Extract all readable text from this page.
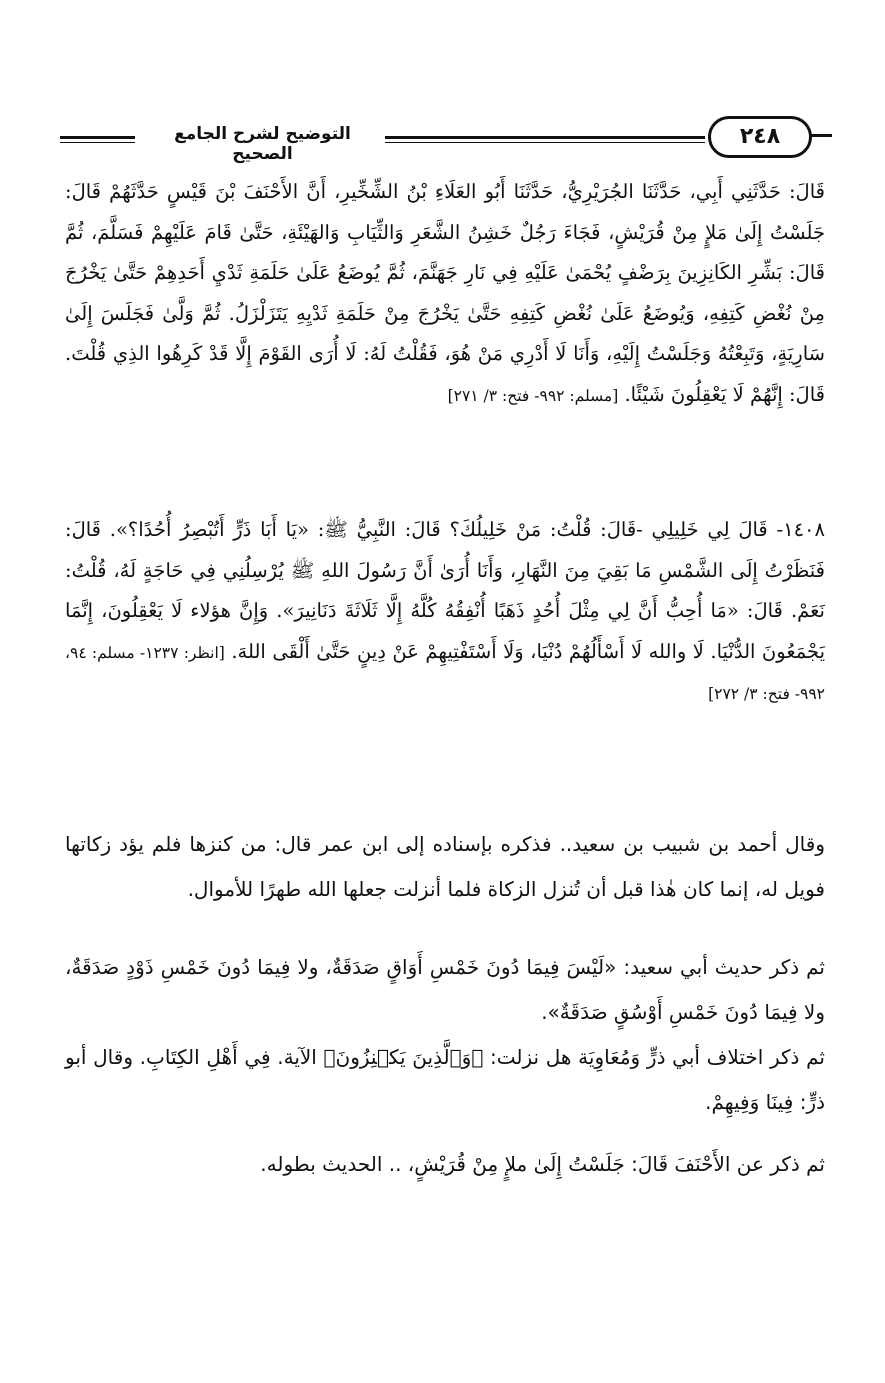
التوضيح لشرح الجامع الصحيح
٢٤٨
قَالَ: حَدَّثَنِي أَبِي، حَدَّثَنَا الجُرَيْرِيُّ، حَدَّثَنَا أَبُو العَلَاءِ بْنُ الشِّخِّيرِ، أَنَّ الأَحْنَفَ بْنَ قَيْسٍ حَدَّثَهُمْ قَالَ: جَلَسْتُ إِلَىٰ مَلإٍ مِنْ قُرَيْشٍ، فَجَاءَ رَجُلٌ خَشِنُ الشَّعَرِ وَالثِّيَابِ وَالهَيْئَةِ، حَتَّىٰ قَامَ عَلَيْهِمْ فَسَلَّمَ، ثُمَّ قَالَ: بَشِّرِ الكَانِزِينَ بِرَضْفٍ يُحْمَىٰ عَلَيْهِ فِي نَارِ جَهَنَّمَ، ثُمَّ يُوضَعُ عَلَىٰ حَلَمَةِ ثَدْيِ أَحَدِهِمْ حَتَّىٰ يَخْرُجَ مِنْ نُغْضِ كَتِفِهِ، وَيُوضَعُ عَلَىٰ نُغْضِ كَتِفِهِ حَتَّىٰ يَخْرُجَ مِنْ حَلَمَةِ ثَدْيِهِ يَتَزَلْزَلُ. ثُمَّ وَلَّىٰ فَجَلَسَ إِلَىٰ سَارِيَةٍ، وَتَبِعْتُهُ وَجَلَسْتُ إِلَيْهِ، وَأَنَا لَا أَدْرِي مَنْ هُوَ، فَقُلْتُ لَهُ: لَا أُرَى القَوْمَ إِلَّا قَدْ كَرِهُوا الذِي قُلْتَ. قَالَ: إِنَّهُمْ لَا يَعْقِلُونَ شَيْئًا. [مسلم: ٩٩٢- فتح: ٣/ ٢٧١]
١٤٠٨- قَالَ لِي خَلِيلِي -قَالَ: قُلْتُ: مَنْ خَلِيلُكَ؟ قَالَ: النَّبِيُّ ﷺ: «يَا أَبَا ذَرٍّ أَتُبْصِرُ أُحُدًا؟». قَالَ: فَنَظَرْتُ إِلَى الشَّمْسِ مَا بَقِيَ مِنَ النَّهَارِ، وَأَنَا أُرَىٰ أَنَّ رَسُولَ اللهِ ﷺ يُرْسِلُنِي فِي حَاجَةٍ لَهُ، قُلْتُ: نَعَمْ. قَالَ: «مَا أُحِبُّ أَنَّ لِي مِثْلَ أُحُدٍ ذَهَبًا أُنْفِقُهُ كُلَّهُ إِلَّا ثَلَاثَةَ دَنَانِيرَ». وَإِنَّ هؤلاء لَا يَعْقِلُونَ، إِنَّمَا يَجْمَعُونَ الدُّنْيَا. لَا والله لَا أَسْأَلُهُمْ دُنْيَا، وَلَا أَسْتَفْتِيهِمْ عَنْ دِينٍ حَتَّىٰ أَلْقَى اللهَ. [انظر: ١٢٣٧- مسلم: ٩٤، ٩٩٢- فتح: ٣/ ٢٧٢]
وقال أحمد بن شبيب بن سعيد.. فذكره بإسناده إلى ابن عمر قال: من كنزها فلم يؤد زكاتها فويل له، إنما كان هٰذا قبل أن تُنزل الزكاة فلما أنزلت جعلها الله طهرًا للأموال.
ثم ذكر حديث أبي سعيد: «لَيْسَ فِيمَا دُونَ خَمْسِ أَوَاقٍ صَدَقَةٌ، ولا فِيمَا دُونَ خَمْسِ ذَوْدٍ صَدَقَةٌ، ولا فِيمَا دُونَ خَمْسِ أَوْسُقٍ صَدَقَةٌ».
ثم ذكر اختلاف أبي ذرٍّ وَمُعَاوِيَة هل نزلت: ﴿وَٱلَّذِينَ يَكۡنِزُونَ﴾ الآية. فِي أَهْلِ الكِتَابِ. وقال أبو ذرٍّ: فِينَا وَفِيهِمْ.
ثم ذكر عن الأَحْنَفَ قَالَ: جَلَسْتُ إِلَىٰ ملإٍ مِنْ قُرَيْشٍ، .. الحديث بطوله.
